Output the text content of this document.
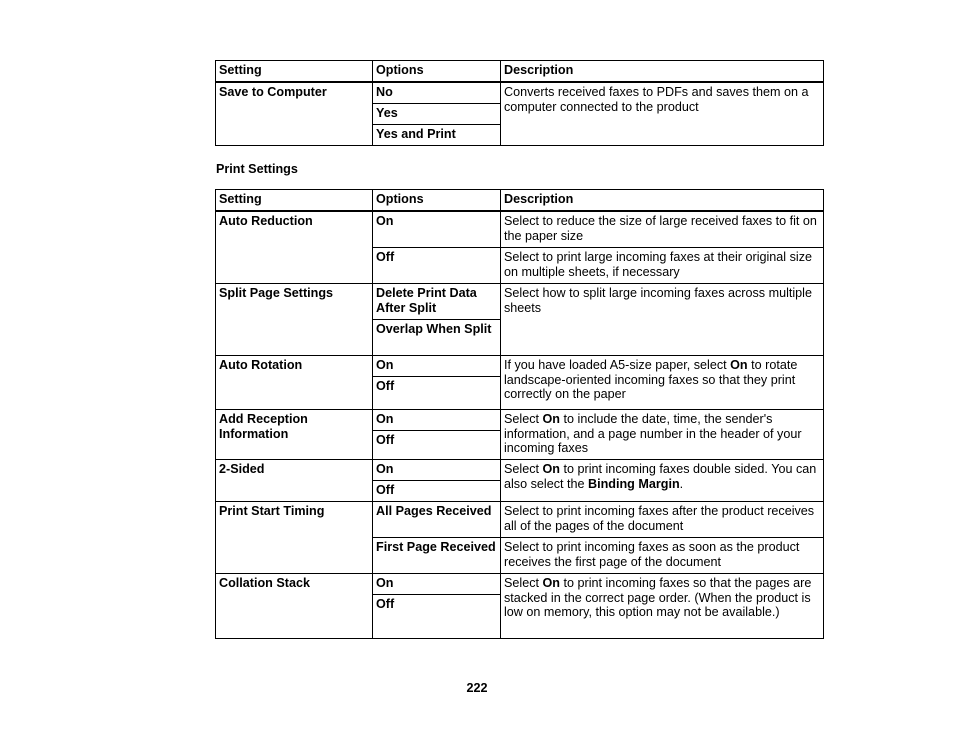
Setting	Options	Description
Save to Computer	No	Converts received faxes to PDFs and saves them on a computer connected to the product
	Yes	
	Yes and Print	
Print Settings
Setting	Options	Description
Auto Reduction	On	Select to reduce the size of large received faxes to fit on the paper size
	Off	Select to print large incoming faxes at their original size on multiple sheets, if necessary
Split Page Settings	Delete Print Data After Split	Select how to split large incoming faxes across multiple sheets
	Overlap When Split	
Auto Rotation	On	If you have loaded A5-size paper, select On to rotate landscape-oriented incoming faxes so that they print correctly on the paper
	Off	
Add Reception Information	On	Select On to include the date, time, the sender's information, and a page number in the header of your incoming faxes
	Off	
2-Sided	On	Select On to print incoming faxes double sided. You can also select the Binding Margin.
	Off	
Print Start Timing	All Pages Received	Select to print incoming faxes after the product receives all of the pages of the document
	First Page Received	Select to print incoming faxes as soon as the product receives the first page of the document
Collation Stack	On	Select On to print incoming faxes so that the pages are stacked in the correct page order. (When the product is low on memory, this option may not be available.)
	Off	
222
